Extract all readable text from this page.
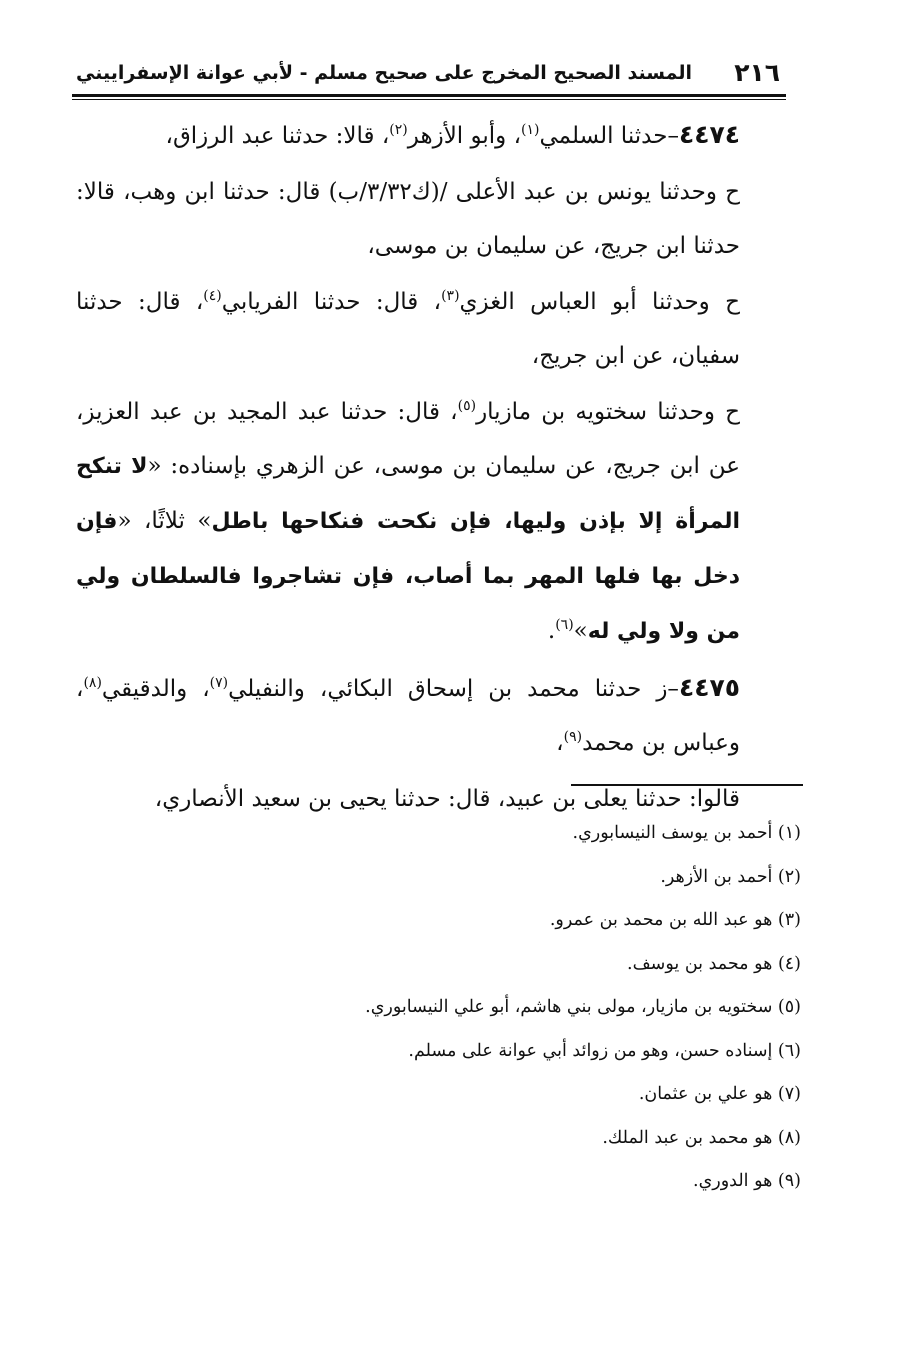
٢١٦
المسند الصحيح المخرج على صحيح مسلم - لأبي عوانة الإسفراييني

٤٤٧٤–حدثنا السلمي$^{(١)}$، وأبو الأزهر$^{(٢)}$، قالا: حدثنا عبد الرزاق،

ح وحدثنا يونس بن عبد الأعلى /(ك٣/٣٢/ب) قال: حدثنا ابن وهب، قالا: حدثنا ابن جريج، عن سليمان بن موسى،

ح وحدثنا أبو العباس الغزي$^{(٣)}$، قال: حدثنا الفريابي$^{(٤)}$، قال: حدثنا سفيان، عن ابن جريج،

ح وحدثنا سختويه بن مازيار$^{(٥)}$، قال: حدثنا عبد المجيد بن عبد العزيز، عن ابن جريج، عن سليمان بن موسى، عن الزهري بإسناده: «لا تنكح المرأة إلا بإذن وليها، فإن نكحت فنكاحها باطل» ثلاثًا، «فإن دخل بها فلها المهر بما أصاب، فإن تشاجروا فالسلطان ولي من ولا ولي له»$^{(٦)}$.

٤٤٧٥–ز حدثنا محمد بن إسحاق البكائي، والنفيلي$^{(٧)}$، والدقيقي$^{(٨)}$، وعباس بن محمد$^{(٩)}$،

قالوا: حدثنا يعلى بن عبيد، قال: حدثنا يحيى بن سعيد الأنصاري،

(١) أحمد بن يوسف النيسابوري.
(٢) أحمد بن الأزهر.
(٣) هو عبد الله بن محمد بن عمرو.
(٤) هو محمد بن يوسف.
(٥) سختويه بن مازيار، مولى بني هاشم، أبو علي النيسابوري.
(٦) إسناده حسن، وهو من زوائد أبي عوانة على مسلم.
(٧) هو علي بن عثمان.
(٨) هو محمد بن عبد الملك.
(٩) هو الدوري.
